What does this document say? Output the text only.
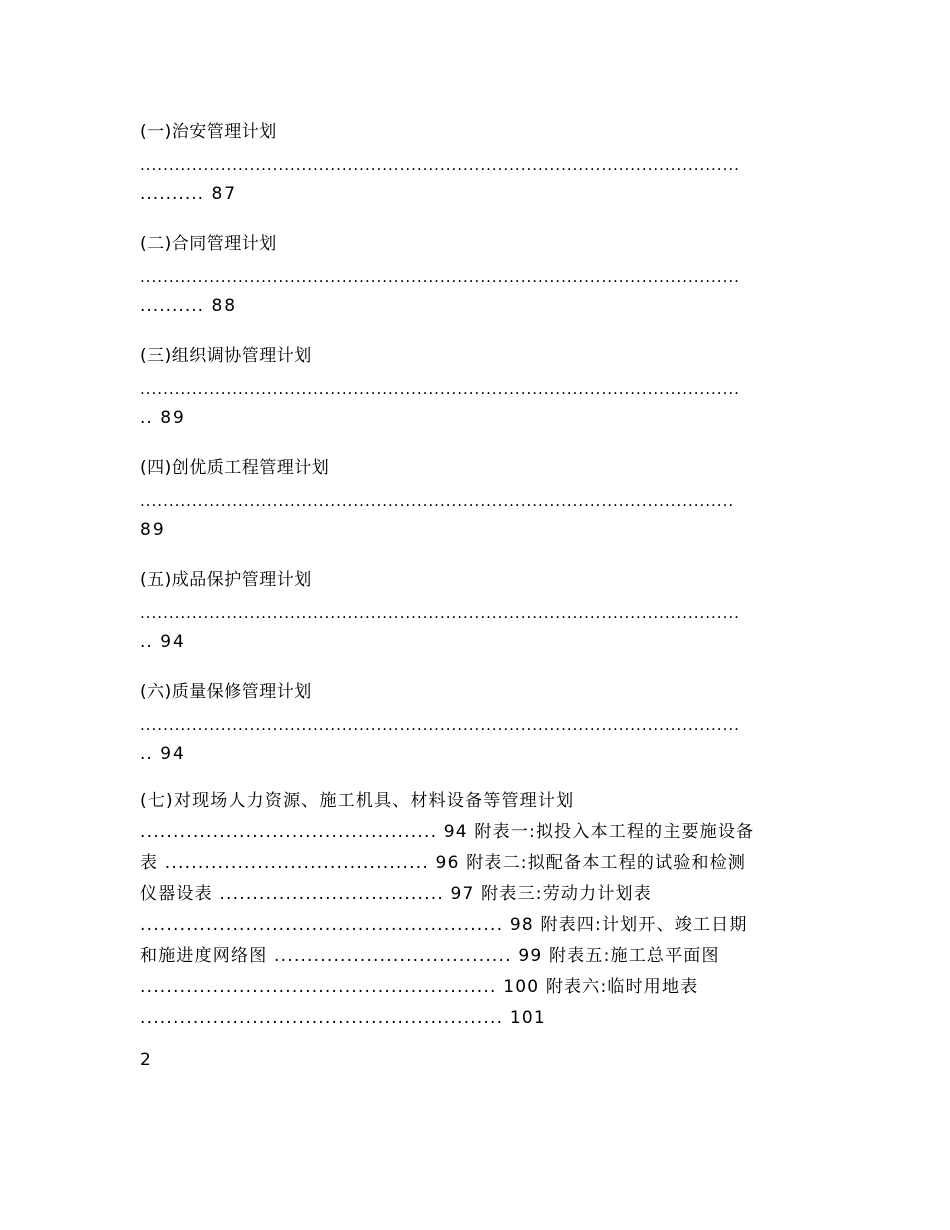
(一)治安管理计划
........................................................................................................
.......... 87
(二)合同管理计划
........................................................................................................
.......... 88
(三)组织调协管理计划
........................................................................................................
.. 89
(四)创优质工程管理计划
.......................................................................................................
89
(五)成品保护管理计划
........................................................................................................
.. 94
(六)质量保修管理计划
........................................................................................................
.. 94
(七)对现场人力资源、施工机具、材料设备等管理计划
............................................. 94 附表一:拟投入本工程的主要施设备
表 ........................................ 96 附表二:拟配备本工程的试验和检测
仪器设表 .................................. 97 附表三:劳动力计划表
....................................................... 98 附表四:计划开、竣工日期
和施进度网络图 .................................... 99 附表五:施工总平面图
...................................................... 100 附表六:临时用地表
....................................................... 101
2
